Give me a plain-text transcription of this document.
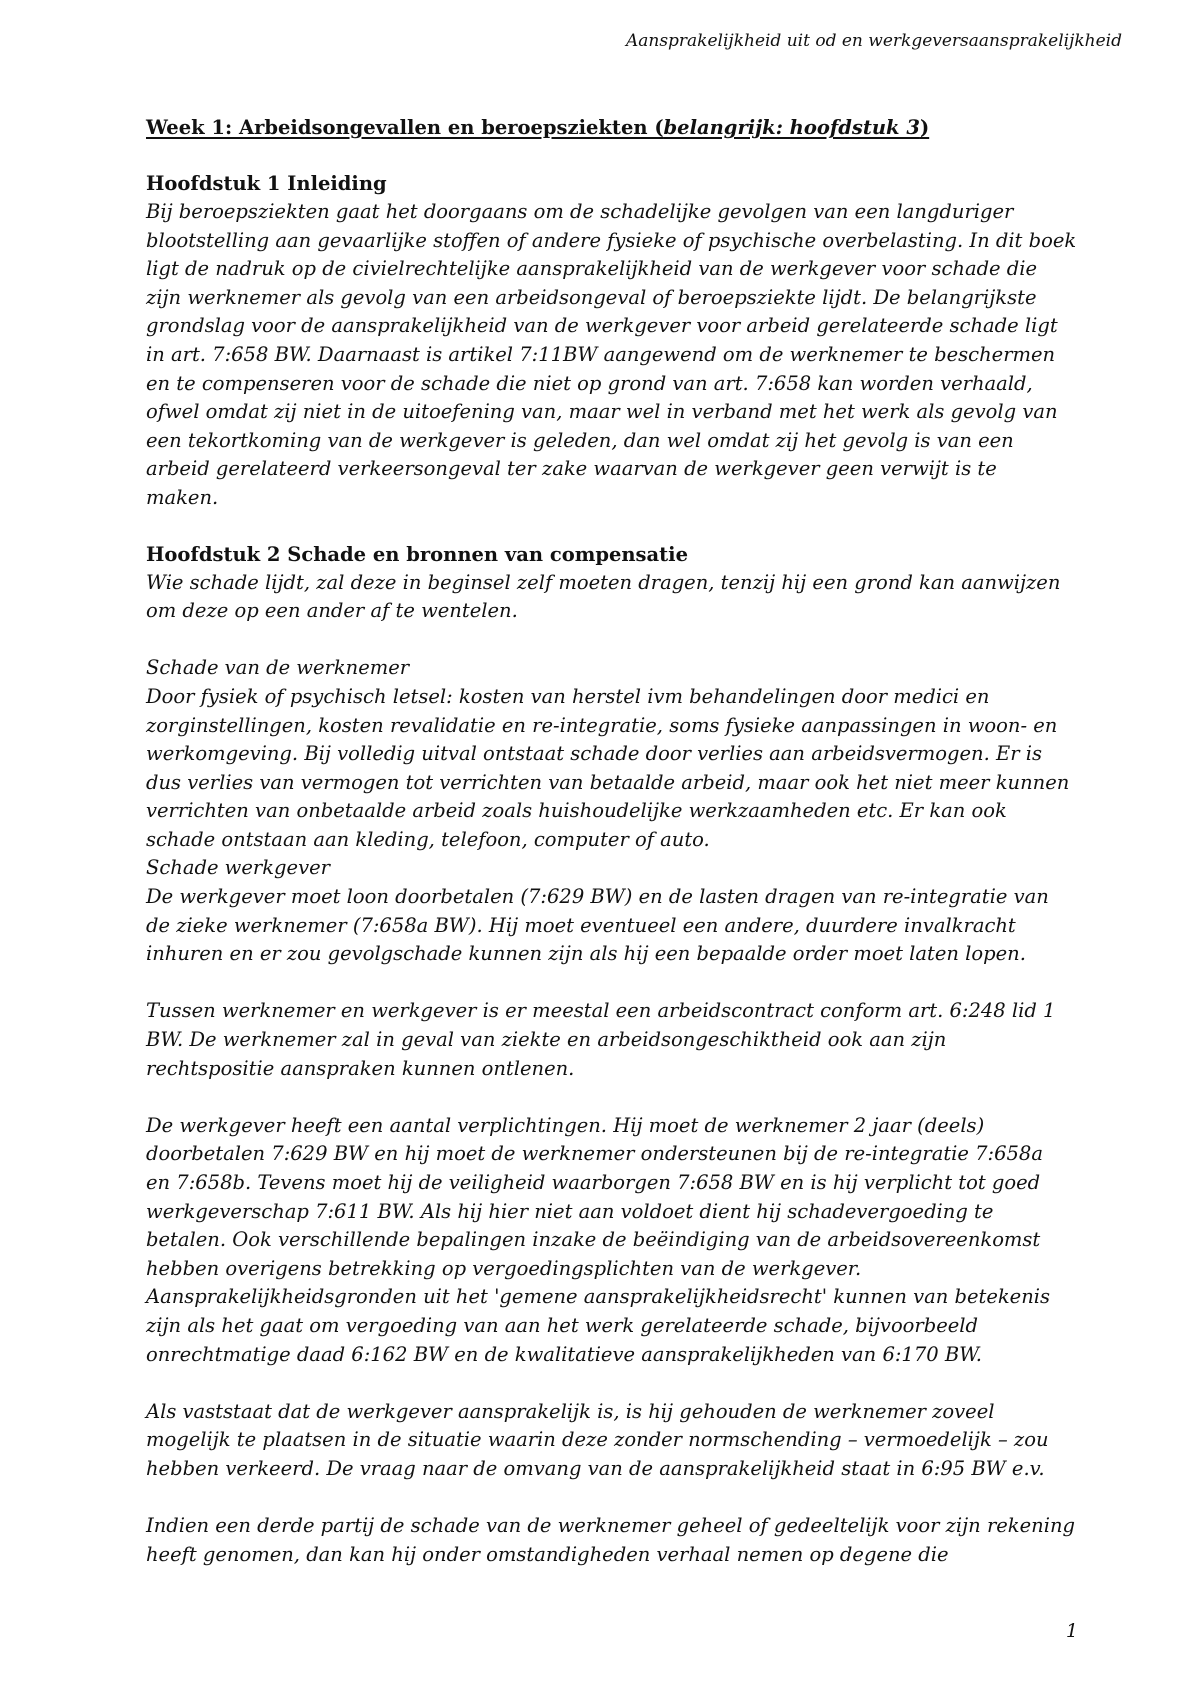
Aansprakelijkheid uit od en werkgeversaansprakelijkheid
Week 1: Arbeidsongevallen en beroepsziekten (belangrijk: hoofdstuk 3)
Hoofdstuk 1 Inleiding

Bij beroepsziekten gaat het doorgaans om de schadelijke gevolgen van een langduriger
blootstelling aan gevaarlijke stoffen of andere fysieke of psychische overbelasting. In dit boek
ligt de nadruk op de civielrechtelijke aansprakelijkheid van de werkgever voor schade die
zijn werknemer als gevolg van een arbeidsongeval of beroepsziekte lijdt. De belangrijkste
grondslag voor de aansprakelijkheid van de werkgever voor arbeid gerelateerde schade ligt
in art. 7:658 BW. Daarnaast is artikel 7:11BW aangewend om de werknemer te beschermen
en te compenseren voor de schade die niet op grond van art. 7:658 kan worden verhaald,
ofwel omdat zij niet in de uitoefening van, maar wel in verband met het werk als gevolg van
een tekortkoming van de werkgever is geleden, dan wel omdat zij het gevolg is van een
arbeid gerelateerd verkeersongeval ter zake waarvan de werkgever geen verwijt is te
maken.

Hoofdstuk 2 Schade en bronnen van compensatie

Wie schade lijdt, zal deze in beginsel zelf moeten dragen, tenzij hij een grond kan aanwijzen
om deze op een ander af te wentelen.

Schade van de werknemer
Door fysiek of psychisch letsel: kosten van herstel ivm behandelingen door medici en
zorginstellingen, kosten revalidatie en re-integratie, soms fysieke aanpassingen in woon- en
werkomgeving. Bij volledig uitval ontstaat schade door verlies aan arbeidsvermogen. Er is
dus verlies van vermogen tot verrichten van betaalde arbeid, maar ook het niet meer kunnen
verrichten van onbetaalde arbeid zoals huishoudelijke werkzaamheden etc. Er kan ook
schade ontstaan aan kleding, telefoon, computer of auto.
Schade werkgever
De werkgever moet loon doorbetalen (7:629 BW) en de lasten dragen van re-integratie van
de zieke werknemer (7:658a BW). Hij moet eventueel een andere, duurdere invalkracht
inhuren en er zou gevolgschade kunnen zijn als hij een bepaalde order moet laten lopen.

Tussen werknemer en werkgever is er meestal een arbeidscontract conform art. 6:248 lid 1
BW. De werknemer zal in geval van ziekte en arbeidsongeschiktheid ook aan zijn
rechtspositie aanspraken kunnen ontlenen.

De werkgever heeft een aantal verplichtingen. Hij moet de werknemer 2 jaar (deels)
doorbetalen 7:629 BW en hij moet de werknemer ondersteunen bij de re-integratie 7:658a
en 7:658b. Tevens moet hij de veiligheid waarborgen 7:658 BW en is hij verplicht tot goed
werkgeverschap 7:611 BW. Als hij hier niet aan voldoet dient hij schadevergoeding te
betalen. Ook verschillende bepalingen inzake de beëindiging van de arbeidsovereenkomst
hebben overigens betrekking op vergoedingsplichten van de werkgever.
Aansprakelijkheidsgronden uit het 'gemene aansprakelijkheidsrecht' kunnen van betekenis
zijn als het gaat om vergoeding van aan het werk gerelateerde schade, bijvoorbeeld
onrechtmatige daad 6:162 BW en de kwalitatieve aansprakelijkheden van 6:170 BW.

Als vaststaat dat de werkgever aansprakelijk is, is hij gehouden de werknemer zoveel
mogelijk te plaatsen in de situatie waarin deze zonder normschending – vermoedelijk – zou
hebben verkeerd. De vraag naar de omvang van de aansprakelijkheid staat in 6:95 BW e.v.

Indien een derde partij de schade van de werknemer geheel of gedeeltelijk voor zijn rekening
heeft genomen, dan kan hij onder omstandigheden verhaal nemen op degene die

1
